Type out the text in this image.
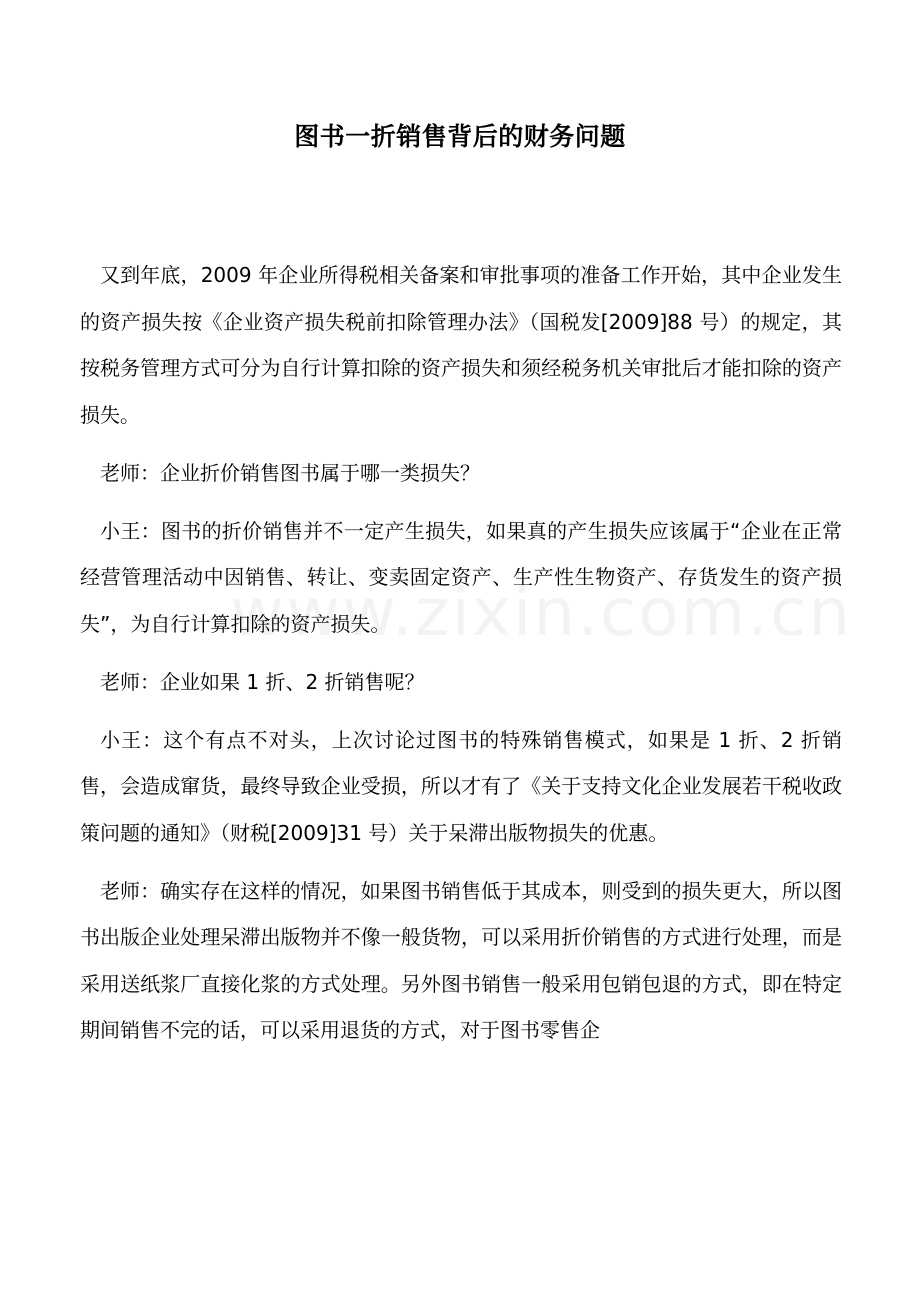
图书一折销售背后的财务问题

又到年底，2009 年企业所得税相关备案和审批事项的准备工作开始，其中企业发生的资产损失按《企业资产损失税前扣除管理办法》（国税发[2009]88 号）的规定，其按税务管理方式可分为自行计算扣除的资产损失和须经税务机关审批后才能扣除的资产损失。

老师：企业折价销售图书属于哪一类损失？

小王：图书的折价销售并不一定产生损失，如果真的产生损失应该属于“企业在正常经营管理活动中因销售、转让、变卖固定资产、生产性生物资产、存货发生的资产损失”，为自行计算扣除的资产损失。

老师：企业如果 1 折、2 折销售呢？

小王：这个有点不对头，上次讨论过图书的特殊销售模式，如果是 1 折、2 折销售，会造成窜货，最终导致企业受损，所以才有了《关于支持文化企业发展若干税收政策问题的通知》（财税[2009]31 号）关于呆滞出版物损失的优惠。

老师：确实存在这样的情况，如果图书销售低于其成本，则受到的损失更大，所以图书出版企业处理呆滞出版物并不像一般货物，可以采用折价销售的方式进行处理，而是采用送纸浆厂直接化浆的方式处理。另外图书销售一般采用包销包退的方式，即在特定期间销售不完的话，可以采用退货的方式，对于图书零售企
